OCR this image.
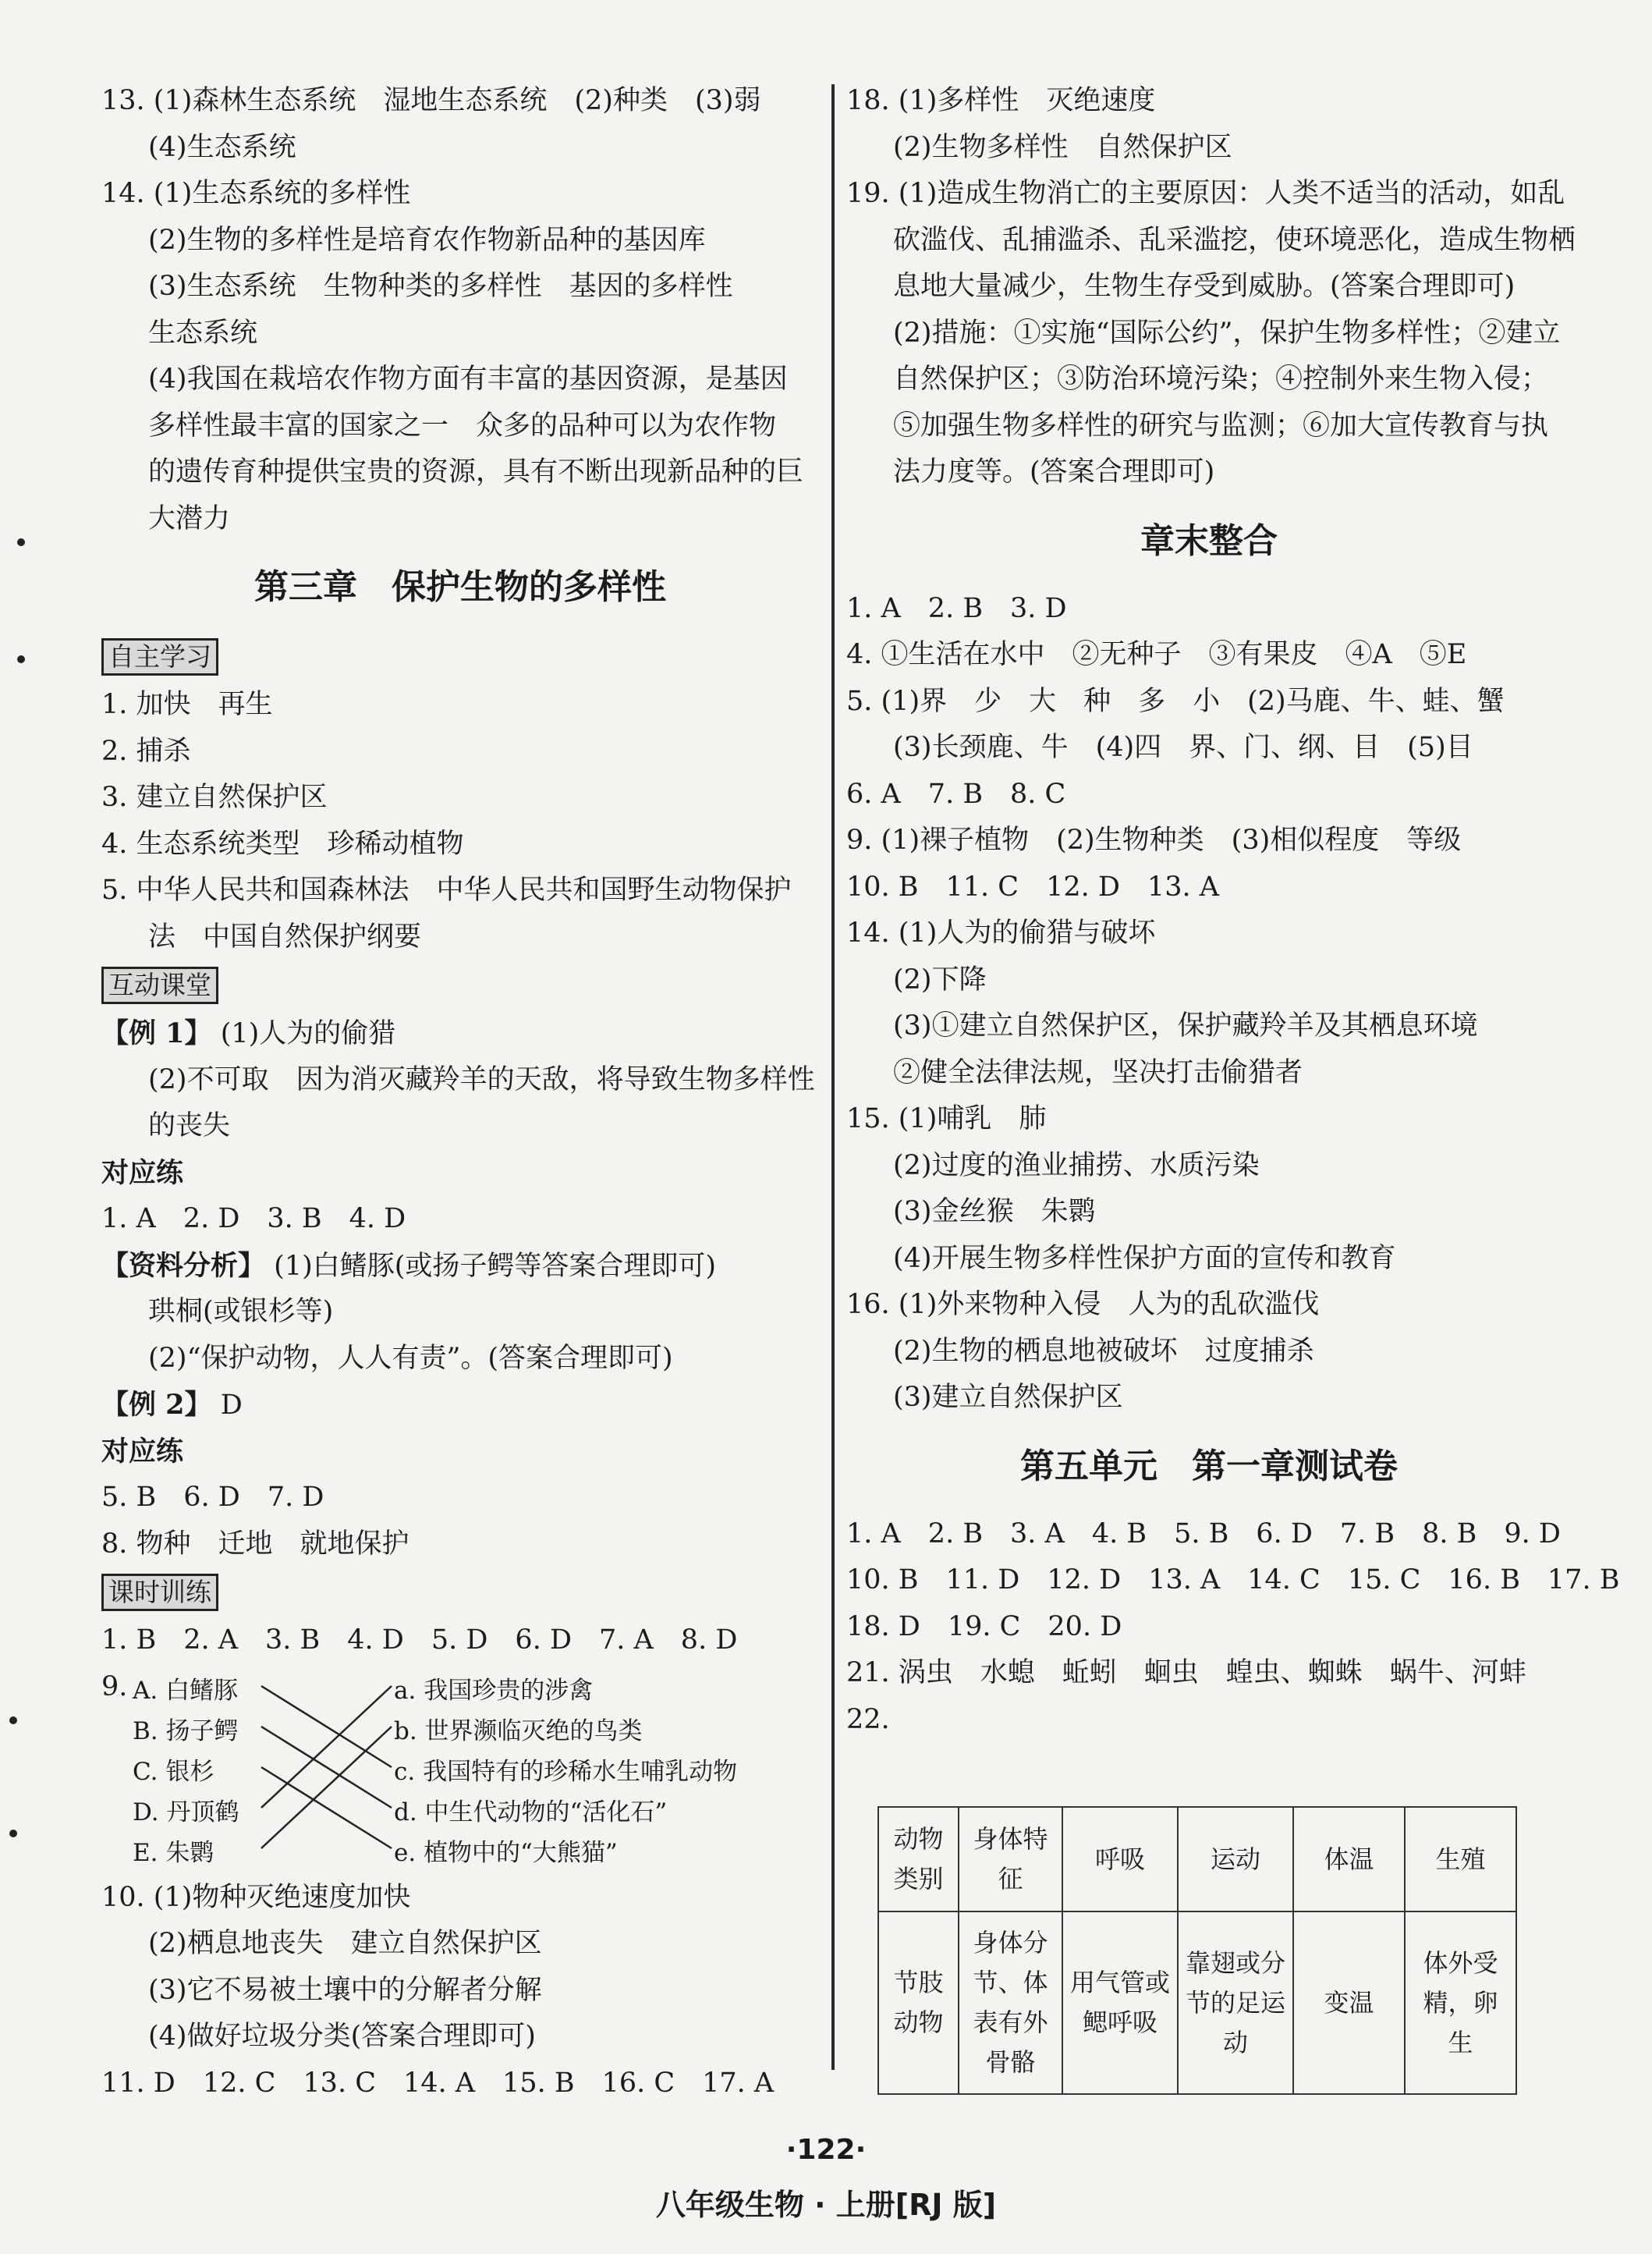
13. (1)森林生态系统　湿地生态系统　(2)种类　(3)弱
(4)生态系统
14. (1)生态系统的多样性
(2)生物的多样性是培育农作物新品种的基因库
(3)生态系统　生物种类的多样性　基因的多样性
生态系统
(4)我国在栽培农作物方面有丰富的基因资源，是基因
多样性最丰富的国家之一　众多的品种可以为农作物
的遗传育种提供宝贵的资源，具有不断出现新品种的巨
大潜力
第三章　保护生物的多样性
自主学习
1. 加快　再生
2. 捕杀
3. 建立自然保护区
4. 生态系统类型　珍稀动植物
5. 中华人民共和国森林法　中华人民共和国野生动物保护
法　中国自然保护纲要
互动课堂
【例 1】 (1)人为的偷猎
(2)不可取　因为消灭藏羚羊的天敌，将导致生物多样性
的丧失
对应练
1. A　2. D　3. B　4. D
【资料分析】 (1)白鳍豚(或扬子鳄等答案合理即可)
珙桐(或银杉等)
(2)“保护动物，人人有责”。(答案合理即可)
【例 2】 D
对应练
5. B　6. D　7. D
8. 物种　迁地　就地保护
课时训练
1. B　2. A　3. B　4. D　5. D　6. D　7. A　8. D
9. A. 白鳍豚
B. 扬子鳄
C. 银杉
D. 丹顶鹤
E. 朱鹮
a. 我国珍贵的涉禽
b. 世界濒临灭绝的鸟类
c. 我国特有的珍稀水生哺乳动物
d. 中生代动物的“活化石”
e. 植物中的“大熊猫”
10. (1)物种灭绝速度加快
(2)栖息地丧失　建立自然保护区
(3)它不易被土壤中的分解者分解
(4)做好垃圾分类(答案合理即可)
11. D　12. C　13. C　14. A　15. B　16. C　17. A
18. (1)多样性　灭绝速度
(2)生物多样性　自然保护区
19. (1)造成生物消亡的主要原因：人类不适当的活动，如乱
砍滥伐、乱捕滥杀、乱采滥挖，使环境恶化，造成生物栖
息地大量减少，生物生存受到威胁。(答案合理即可)
(2)措施：①实施“国际公约”，保护生物多样性；②建立
自然保护区；③防治环境污染；④控制外来生物入侵；
⑤加强生物多样性的研究与监测；⑥加大宣传教育与执
法力度等。(答案合理即可)
章末整合
1. A　2. B　3. D
4. ①生活在水中　②无种子　③有果皮　④A　⑤E
5. (1)界　少　大　种　多　小　(2)马鹿、牛、蛙、蟹
(3)长颈鹿、牛　(4)四　界、门、纲、目　(5)目
6. A　7. B　8. C
9. (1)裸子植物　(2)生物种类　(3)相似程度　等级
10. B　11. C　12. D　13. A
14. (1)人为的偷猎与破坏
(2)下降
(3)①建立自然保护区，保护藏羚羊及其栖息环境
②健全法律法规，坚决打击偷猎者
15. (1)哺乳　肺
(2)过度的渔业捕捞、水质污染
(3)金丝猴　朱鹮
(4)开展生物多样性保护方面的宣传和教育
16. (1)外来物种入侵　人为的乱砍滥伐
(2)生物的栖息地被破坏　过度捕杀
(3)建立自然保护区
第五单元　第一章测试卷
1. A　2. B　3. A　4. B　5. B　6. D　7. B　8. B　9. D
10. B　11. D　12. D　13. A　14. C　15. C　16. B　17. B
18. D　19. C　20. D
21. 涡虫　水螅　蚯蚓　蛔虫　蝗虫、蜘蛛　蜗牛、河蚌
22.
动物类别	身体特征	呼吸	运动	体温	生殖
节肢动物	身体分节、体表有外骨骼	用气管或鳃呼吸	靠翅或分节的足运动	变温	体外受精，卵生
·122·
八年级生物 · 上册[RJ 版]
